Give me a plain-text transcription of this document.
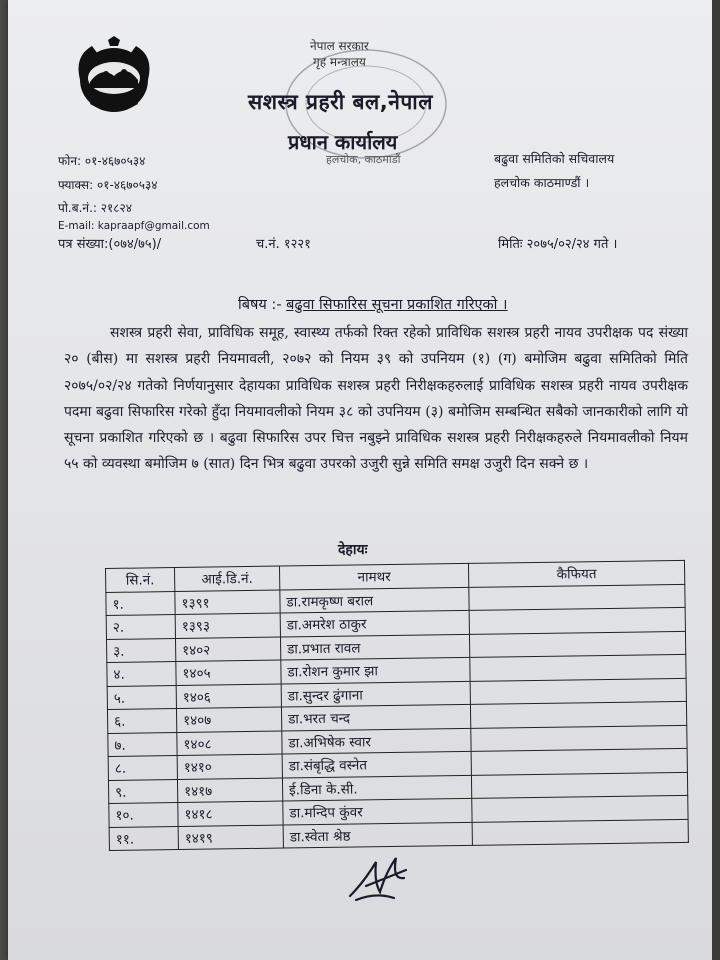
नेपाल सरकार
गृह मन्त्रालय
सशस्त्र प्रहरी बल,नेपाल
प्रधान कार्यालय
हलचोक, काठमाडौं
फोन: ०१-४६७०५३४
फ्याक्स: ०१-४६७०५३४
पो.ब.नं.: २१८२४
E-mail: kapraapf@gmail.com
बढुवा समितिको सचिवालय
हलचोक काठमाण्डौं ।
पत्र संख्या:(०७४/७५)/	च.नं. १२२१	मितिः २०७५/०२/२४ गते ।
बिषय :- बढुवा सिफारिस सूचना प्रकाशित गरिएको ।
सशस्त्र प्रहरी सेवा, प्राविधिक समूह, स्वास्थ्य तर्फको रिक्त रहेको प्राविधिक सशस्त्र प्रहरी नायव उपरीक्षक पद संख्या २० (बीस) मा सशस्त्र प्रहरी नियमावली, २०७२ को नियम ३९ को उपनियम (१) (ग) बमोजिम बढुवा समितिको मिति २०७५/०२/२४ गतेको निर्णयानुसार देहायका प्राविधिक सशस्त्र प्रहरी निरीक्षकहरुलाई प्राविधिक सशस्त्र प्रहरी नायव उपरीक्षक पदमा बढुवा सिफारिस गरेको हुँदा नियमावलीको नियम ३८ को उपनियम (३) बमोजिम सम्बन्धित सबैको जानकारीको लागि यो सूचना प्रकाशित गरिएको छ । बढुवा सिफारिस उपर चित्त नबुझ्ने प्राविधिक सशस्त्र प्रहरी निरीक्षकहरुले नियमावलीको नियम ५५ को व्यवस्था बमोजिम ७ (सात) दिन भित्र बढुवा उपरको उजुरी सुन्ने समिति समक्ष उजुरी दिन सक्ने छ ।
देहायः
सि.नं.	आई.डि.नं.	नामथर	कैफियत
१.	१३९१	डा.रामकृष्ण बराल	
२.	१३९३	डा.अमरेश ठाकुर	
३.	१४०२	डा.प्रभात रावल	
४.	१४०५	डा.रोशन कुमार झा	
५.	१४०६	डा.सुन्दर ढुंगाना	
६.	१४०७	डा.भरत चन्द	
७.	१४०८	डा.अभिषेक स्वार	
८.	१४१०	डा.संबृद्धि वस्नेत	
९.	१४१७	ई.डिना के.सी.	
१०.	१४१८	डा.मन्दिप कुंवर	
११.	१४१९	डा.स्वेता श्रेष्ठ	
